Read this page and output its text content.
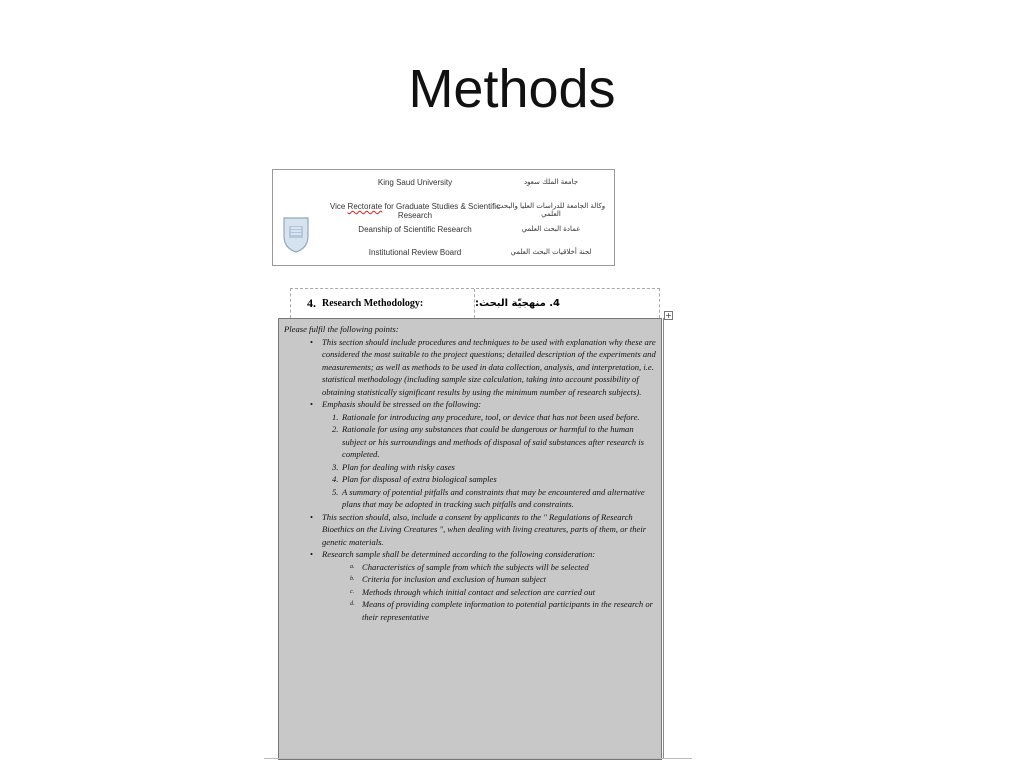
Methods
King Saud University
Vice Rectorate for Graduate Studies & Scientific Research
Deanship of Scientific Research
Institutional Review Board
جامعة الملك سعود
وكالة الجامعة للدراسات العليا والبحث العلمي
عمادة البحث العلمي
لجنة أخلاقيات البحث العلمي
4. Research Methodology:	4. منهجيّة البحث:
+
Please fulfil the following points:
• This section should include procedures and techniques to be used with explanation why these are considered the most suitable to the project questions; detailed description of the experiments and measurements; as well as methods to be used in data collection, analysis, and interpretation, i.e. statistical methodology (including sample size calculation, taking into account possibility of obtaining statistically significant results by using the minimum number of research subjects).
• Emphasis should be stressed on the following:
1. Rationale for introducing any procedure, tool, or device that has not been used before.
2. Rationale for using any substances that could be dangerous or harmful to the human subject or his surroundings and methods of disposal of said substances after research is completed.
3. Plan for dealing with risky cases
4. Plan for disposal of extra biological samples
5. A summary of potential pitfalls and constraints that may be encountered and alternative plans that may be adopted in tracking such pitfalls and constraints.
• This section should, also, include a consent by applicants to the " Regulations of Research Bioethics on the Living Creatures ", when dealing with living creatures, parts of them, or their genetic materials.
• Research sample shall be determined according to the following consideration:
a. Characteristics of sample from which the subjects will be selected
b. Criteria for inclusion and exclusion of human subject
c. Methods through which initial contact and selection are carried out
d. Means of providing complete information to potential participants in the research or their representative
